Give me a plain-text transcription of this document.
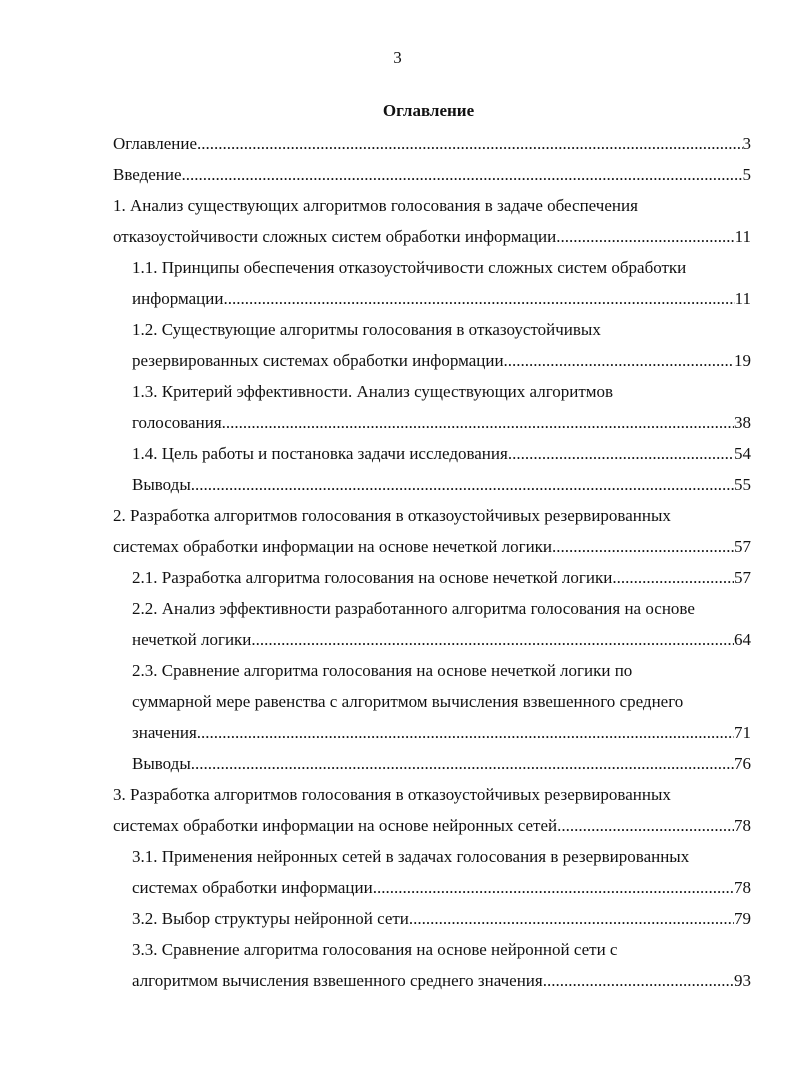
3
Оглавление
Оглавление .....	3
Введение .....	5
1. Анализ существующих алгоритмов голосования в задаче обеспечения
отказоустойчивости сложных систем обработки информации .....	11
1.1. Принципы обеспечения отказоустойчивости сложных систем обработки
информации .....	11
1.2. Существующие алгоритмы голосования в отказоустойчивых
резервированных системах обработки информации .....	19
1.3. Критерий эффективности. Анализ существующих алгоритмов
голосования .....	38
1.4. Цель работы и постановка задачи исследования .....	54
Выводы .....	55
2. Разработка алгоритмов голосования в отказоустойчивых резервированных
системах обработки информации на основе нечеткой логики .....	57
2.1. Разработка алгоритма голосования на основе нечеткой логики .....	57
2.2. Анализ эффективности разработанного алгоритма голосования на основе
нечеткой логики .....	64
2.3. Сравнение алгоритма голосования на основе нечеткой логики по
суммарной мере равенства с алгоритмом вычисления взвешенного среднего
значения .....	71
Выводы .....	76
3. Разработка алгоритмов голосования в отказоустойчивых резервированных
системах обработки информации на основе нейронных сетей .....	78
3.1. Применения нейронных сетей в задачах голосования в резервированных
системах обработки информации .....	78
3.2. Выбор структуры нейронной сети .....	79
3.3. Сравнение алгоритма голосования на основе нейронной сети с
алгоритмом вычисления взвешенного среднего значения .....	93
